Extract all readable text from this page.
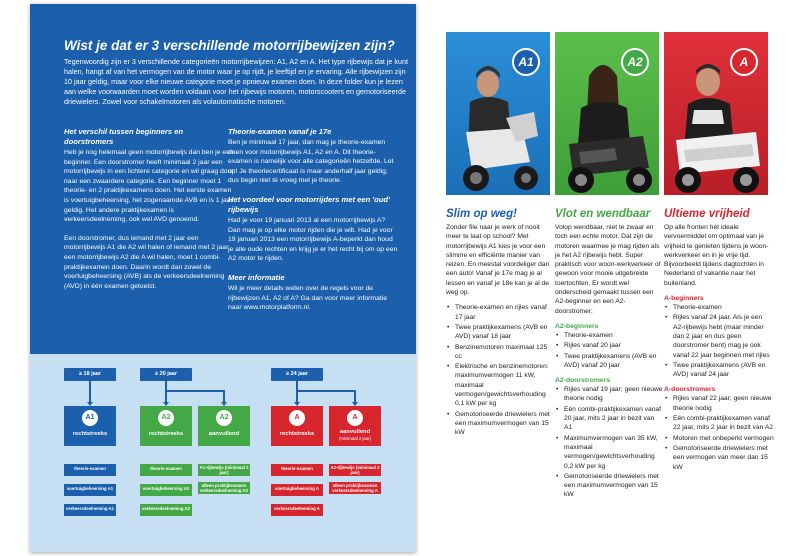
Wist je dat er 3 verschillende motorrijbewijzen zijn?
Tegenwoordig zijn er 3 verschillende categorieën motorrijbewijzen: A1, A2 en A. Het type rijbewijs dat je kunt halen, hangt af van het vermogen van de motor waar je op rijdt, je leeftijd en je ervaring. Alle rijbewijzen zijn 10 jaar geldig, maar voor elke nieuwe categorie moet je opnieuw examen doen. In deze folder kun je lezen aan welke voorwaarden moet worden voldaan voor het rijbewijs motoren, motorscooters en gemotoriseerde driewielers. Zowel voor schakelmotoren als volautomatische motoren.
Het verschil tussen beginners en doorstromers

Heb je nog helemaal geen motorrijbewijs dan ben je een beginner. Een doorstromer heeft minimaal 2 jaar een motorrijbewijs in een lichtere categorie en wil graag door naar een zwaardere categorie. Een beginner moet 1 theorie- en 2 praktijkexamens doen. Het eerste examen is voertuigbeheersing, het zogenaamde AVB en is 1 jaar geldig. Het andere praktijkexamen is verkeersdeelneming, ook wel AVD genoemd.

Een doorstromer, dus iemand met 2 jaar een motorrijbewijs A1 die A2 wil halen of iemand met 2 jaar een motorrijbewijs A2 die A wil halen, moet 1 combi-praktijkexamen doen. Daarin wordt dan zowel de voertuigbeheersing (AVB) als de verkeersdeelneming (AVD) in één examen getoetst.

Theorie-examen vanaf je 17e

Ben je minimaal 17 jaar, dan mag je theorie-examen doen voor motorrijbewijs A1, A2 en A. Dit theorie-examen is namelijk voor alle categorieën hetzelfde. Let op! Je theoriecertificaat is maar anderhalf jaar geldig, dus begin niet té vroeg met je theorie.

Het voordeel voor motorrijders met een 'oud' rijbewijs

Had je voor 19 januari 2013 al een motorrijbewijs A? Dan mag je op elke motor rijden die je wilt. Had je voor 19 januari 2013 een motorrijbewijs A-beperkt dan houd je alle oude rechten en krijg je er het recht bij om op een A2 motor te rijden.

Meer informatie

Wil je meer details weten over de regels voor de rijbewijzen A1, A2 of A? Ga dan voor meer informatie naar www.motorplatform.nl.

≥ 18 jaar	≥ 20 jaar	≥ 24 jaar
A1
rechtstreeks
A2
rechtstreeks
A2
aanvullend
A
rechtstreeks
A
aanvullend
(minimaal 2 jaar)
theorie-examen
voertuigbeheersing A1
verkeersdeelneming A1
theorie-examen
voertuigbeheersing A2
verkeersdeelneming A2
A1-rijbewijs (minimaal 2 jaar)
alleen praktijkexamen verkeersdeelneming A2
theorie-examen
voertuigbeheersing A
verkeersdeelneming A
A2-rijbewijs (minimaal 2 jaar)
alleen praktijkexamen verkeersdeelneming A
A1	A2	A
Slim op weg!

Zonder file naar je werk of nooit meer te laat op school? Met motorrijbewijs A1 kies je voor een slimme en efficiënte manier van reizen. En meestal voordeliger dan een auto! Vanaf je 17e mag je al lessen en vanaf je 18e kan je al de weg op.

• Theorie-examen en rijles vanaf 17 jaar
• Twee praktijkexamens (AVB en AVD) vanaf 18 jaar
• Benzinemotoren maximaal 125 cc
• Elektrische en benzinemotoren: maximumvermogen 11 kW, maximaal vermogen/gewichtsverhouding 0,1 kW per kg
• Gemotoriseerde driewielers met een maximumvermogen van 15 kW
Vlot en wendbaar

Volop wendbaar, niet te zwaar en toch een echte motor. Dat zijn de motoren waarmee je mag rijden als je het A2 rijbewijs hebt. Super praktisch voor woon-werkverkeer of gewoon voor mooie uitgebreide toertochten. Er wordt wel onderscheid gemaakt tussen een A2-beginner en een A2-doorstromer:

A2-beginners
• Theorie-examen
• Rijles vanaf 20 jaar
• Twee praktijkexamens (AVB en AVD) vanaf 20 jaar
A2-doorstromers
• Rijles vanaf 19 jaar; geen nieuwe theorie nodig
• Eén combi-praktijkexamen vanaf 20 jaar, mits 2 jaar in bezit van A1
• Maximumvermogen van 35 kW, maximaal vermogen/gewichtsverhouding 0,2 kW per kg
• Gemotoriseerde driewielers met een maximumvermogen van 15 kW
Ultieme vrijheid

Op alle fronten hét ideale vervoermiddel om optimaal van je vrijheid te genieten tijdens je woon-werkverkeer en in je vrije tijd. Bijvoorbeeld tijdens dagtochten in Nederland of vakantie naar het buitenland.

A-beginners
• Theorie-examen
• Rijles vanaf 24 jaar. Als je een A2-rijbewijs hebt (maar minder dan 2 jaar en dus geen doorstromer bent) mag je ook vanaf 22 jaar beginnen met rijles
• Twee praktijkexamens (AVB en AVD) vanaf 24 jaar
A-doorstromers
• Rijles vanaf 22 jaar; geen nieuwe theorie nodig
• Eén combi-praktijkexamen vanaf 22 jaar, mits 2 jaar in bezit van A2
• Motoren met onbeperkt vermogen
• Gemotoriseerde driewielers met een vermogen van meer dan 15 kW
